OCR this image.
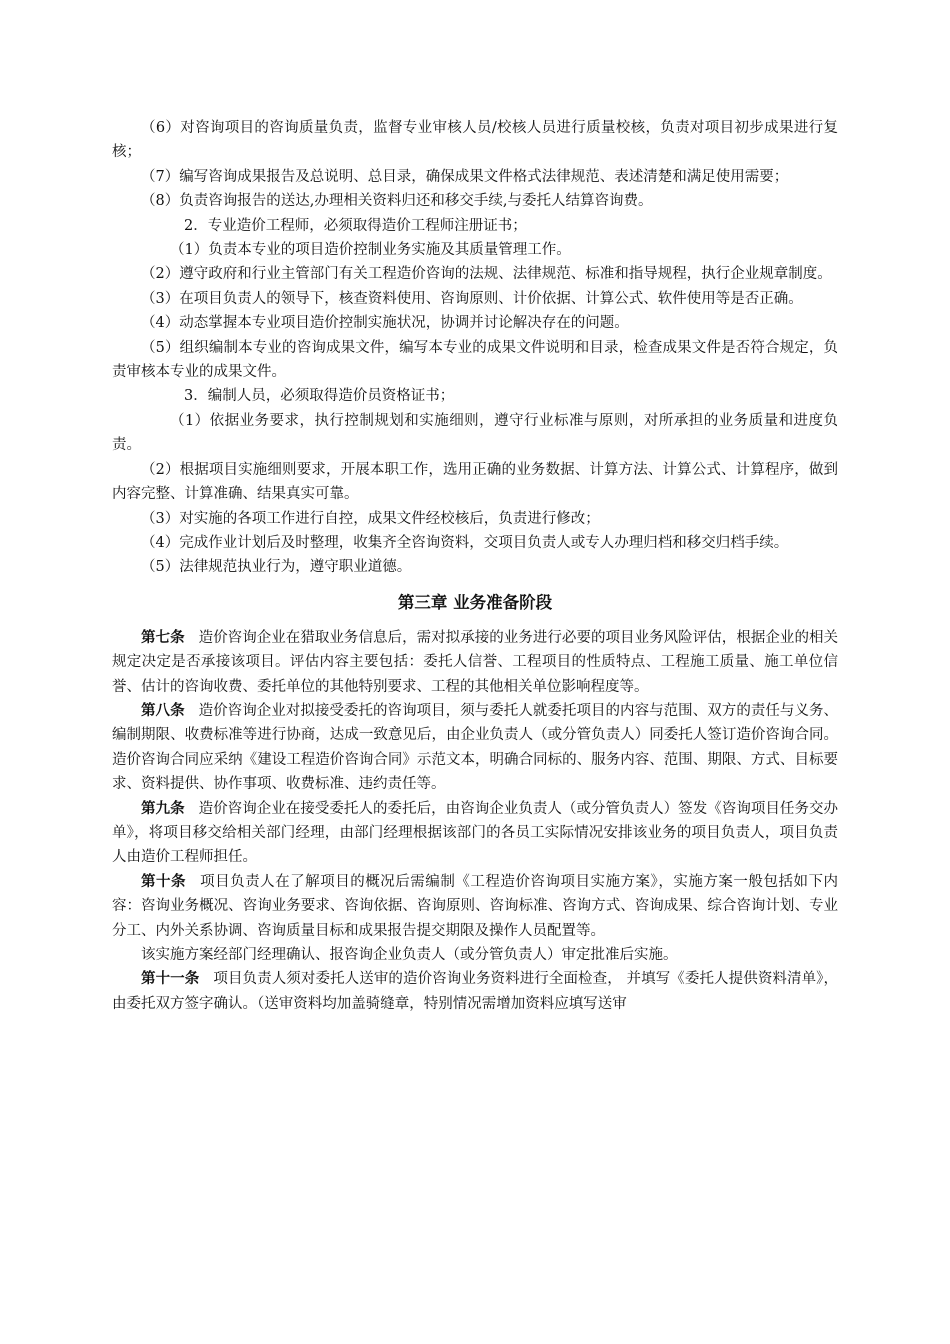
（6）对咨询项目的咨询质量负责，监督专业审核人员/校核人员进行质量校核，负责对项目初步成果进行复核；

（7）编写咨询成果报告及总说明、总目录，确保成果文件格式法律规范、表述清楚和满足使用需要；

（8）负责咨询报告的送达,办理相关资料归还和移交手续,与委托人结算咨询费。

2．专业造价工程师，必须取得造价工程师注册证书；

（1）负责本专业的项目造价控制业务实施及其质量管理工作。

（2）遵守政府和行业主管部门有关工程造价咨询的法规、法律规范、标准和指导规程，执行企业规章制度。

（3）在项目负责人的领导下，核查资料使用、咨询原则、计价依据、计算公式、软件使用等是否正确。

（4）动态掌握本专业项目造价控制实施状况，协调并讨论解决存在的问题。

（5）组织编制本专业的咨询成果文件，编写本专业的成果文件说明和目录，检查成果文件是否符合规定，负责审核本专业的成果文件。

3．编制人员，必须取得造价员资格证书；

（1）依据业务要求，执行控制规划和实施细则，遵守行业标准与原则，对所承担的业务质量和进度负责。

（2）根据项目实施细则要求，开展本职工作，选用正确的业务数据、计算方法、计算公式、计算程序，做到内容完整、计算准确、结果真实可靠。

（3）对实施的各项工作进行自控，成果文件经校核后，负责进行修改；

（4）完成作业计划后及时整理，收集齐全咨询资料，交项目负责人或专人办理归档和移交归档手续。

（5）法律规范执业行为，遵守职业道德。

第三章 业务准备阶段

第七条 造价咨询企业在猎取业务信息后，需对拟承接的业务进行必要的项目业务风险评估，根据企业的相关规定决定是否承接该项目。评估内容主要包括：委托人信誉、工程项目的性质特点、工程施工质量、施工单位信誉、估计的咨询收费、委托单位的其他特别要求、工程的其他相关单位影响程度等。

第八条 造价咨询企业对拟接受委托的咨询项目，须与委托人就委托项目的内容与范围、双方的责任与义务、编制期限、收费标准等进行协商，达成一致意见后，由企业负责人（或分管负责人）同委托人签订造价咨询合同。造价咨询合同应采纳《建设工程造价咨询合同》示范文本，明确合同标的、服务内容、范围、期限、方式、目标要求、资料提供、协作事项、收费标准、违约责任等。

第九条 造价咨询企业在接受委托人的委托后，由咨询企业负责人（或分管负责人）签发《咨询项目任务交办单》，将项目移交给相关部门经理，由部门经理根据该部门的各员工实际情况安排该业务的项目负责人，项目负责人由造价工程师担任。

第十条 项目负责人在了解项目的概况后需编制《工程造价咨询项目实施方案》，实施方案一般包括如下内容：咨询业务概况、咨询业务要求、咨询依据、咨询原则、咨询标准、咨询方式、咨询成果、综合咨询计划、专业分工、内外关系协调、咨询质量目标和成果报告提交期限及操作人员配置等。

该实施方案经部门经理确认、报咨询企业负责人（或分管负责人）审定批准后实施。

第十一条 项目负责人须对委托人送审的造价咨询业务资料进行全面检查， 并填写《委托人提供资料清单》，由委托双方签字确认。（送审资料均加盖骑缝章，特别情况需增加资料应填写送审
